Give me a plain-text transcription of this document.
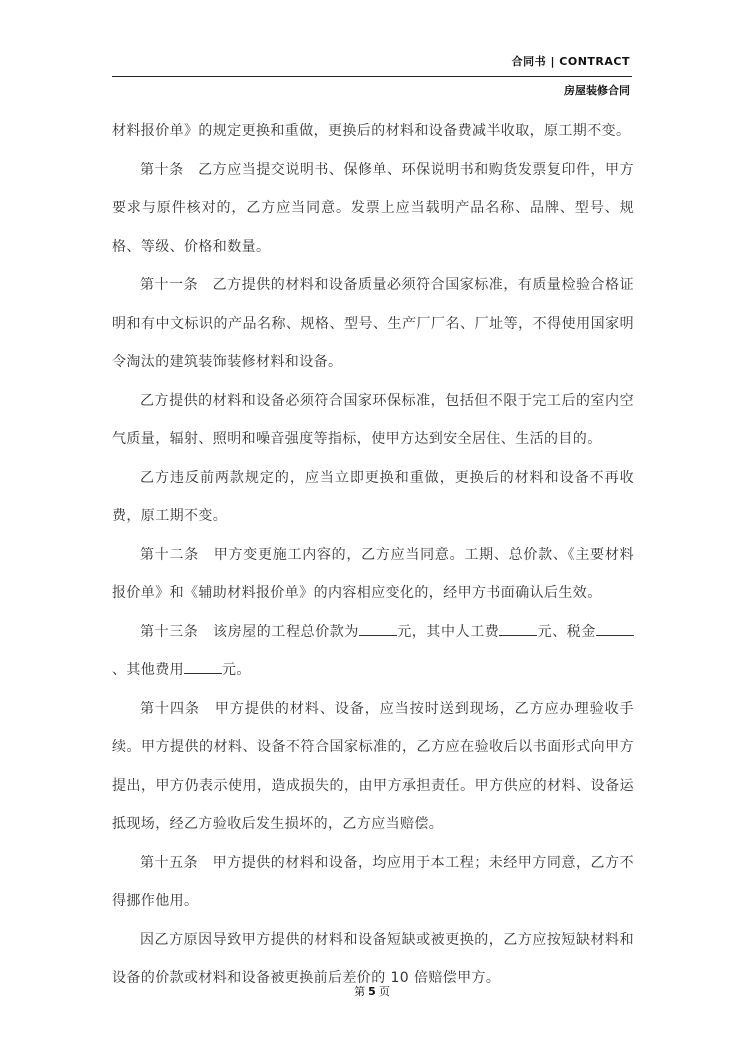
合同书 | CONTRACT
房屋装修合同

材料报价单》的规定更换和重做，更换后的材料和设备费减半收取，原工期不变。

第十条　乙方应当提交说明书、保修单、环保说明书和购货发票复印件，甲方要求与原件核对的，乙方应当同意。发票上应当载明产品名称、品牌、型号、规格、等级、价格和数量。

第十一条　乙方提供的材料和设备质量必须符合国家标准，有质量检验合格证明和有中文标识的产品名称、规格、型号、生产厂厂名、厂址等，不得使用国家明令淘汰的建筑装饰装修材料和设备。

乙方提供的材料和设备必须符合国家环保标准，包括但不限于完工后的室内空气质量，辐射、照明和噪音强度等指标，使甲方达到安全居住、生活的目的。

乙方违反前两款规定的，应当立即更换和重做，更换后的材料和设备不再收费，原工期不变。

第十二条　甲方变更施工内容的，乙方应当同意。工期、总价款、《主要材料报价单》和《辅助材料报价单》的内容相应变化的，经甲方书面确认后生效。

第十三条　该房屋的工程总价款为	元，其中人工费	元、税金、其他费用	元。

第十四条　甲方提供的材料、设备，应当按时送到现场，乙方应办理验收手续。甲方提供的材料、设备不符合国家标准的，乙方应在验收后以书面形式向甲方提出，甲方仍表示使用，造成损失的，由甲方承担责任。甲方供应的材料、设备运抵现场，经乙方验收后发生损坏的，乙方应当赔偿。

第十五条　甲方提供的材料和设备，均应用于本工程；未经甲方同意，乙方不得挪作他用。

因乙方原因导致甲方提供的材料和设备短缺或被更换的，乙方应按短缺材料和设备的价款或材料和设备被更换前后差价的 10 倍赔偿甲方。

第 5 页
